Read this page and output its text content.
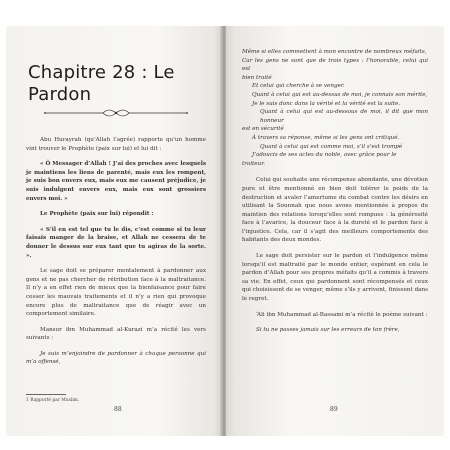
Chapitre 28 : Le Pardon

Abu Hurayrah (qu’Allah l’agrée) rapporte qu’un homme vint trouver le Prophète (paix sur lui) et lui dit :

« Ô Messager d’Allah ! J’ai des proches avec lesquels je maintiens les liens de parenté, mais eux les rompent, je suis bon envers eux, mais eux me causent préjudice, je suis indulgent envers eux, mais eux sont grossiers envers moi. »

Le Prophète (paix sur lui) répondit :

« S’il en est tel que tu le dis, c’est comme si tu leur faisais manger de la braise, et Allah ne cessera de te donner le dessus sur eux tant que tu agiras de la sorte. ».

Le sage doit se préparer mentalement à pardonner aux gens et ne pas chercher de rétribution face à la maltraitance. Il n’y a en effet rien de mieux que la bienfaisance pour faire cesser les mauvais traitements et il n’y a rien qui provoque encore plus de maltraitance que de réagir avec un comportement similaire.

Mansur ibn Muhammad al-Kurazi m’a récité les vers suivants :

Je suis m’enjoindre de pardonner à chaque personne qui m’a offensé,

1 Rapporté par Muslim.
88

Même si elles commettent à mon encontre de nombreux méfaits,

Car les gens ne sont que de trois types : l’honorable, celui qui est

bien traité

Et celui qui cherche à se venger.

Quant à celui qui est au-dessus de moi, je connais son mérite,

Je le suis donc dans la vérité et la vérité est la suite.

Quant à celui qui est au-dessous de moi, il dit que mon honneur

est en sécurité

À travers sa réponse, même si les gens ont critiqué.

Quant à celui qui est comme moi, s’il s’est trompé

J’adoucis de ses actes du noble, avec grâce pour le

traiteur.

Celui qui souhaite une récompense abondante, une dévotion pure et être mentionné en bien doit tolérer le poids de la destruction et avaler l’amertume du combat contre les désirs en utilisant la Sounnah que nous avons mentionnée à propos du maintien des relations lorsqu’elles sont rompues : la générosité face à l’avarice, la douceur face à la dureté et le pardon face à l’injustice. Cela, car il s’agit des meilleurs comportements des habitants des deux mondes.

Le sage doit persister sur le pardon et l’indulgence même lorsqu’il est maltraité par le monde entier, espérant en cela le pardon d’Allah pour ses propres méfaits qu’il a commis à travers sa vie. En effet, ceux qui pardonnent sont récompensés et ceux qui choisissent de se venger, même s’ils y arrivent, finissent dans le regret.

‘Ali ibn Muhammad al-Bassami m’a récité le poème suivant :

Si tu ne passes jamais sur les erreurs de ton frère,

89
